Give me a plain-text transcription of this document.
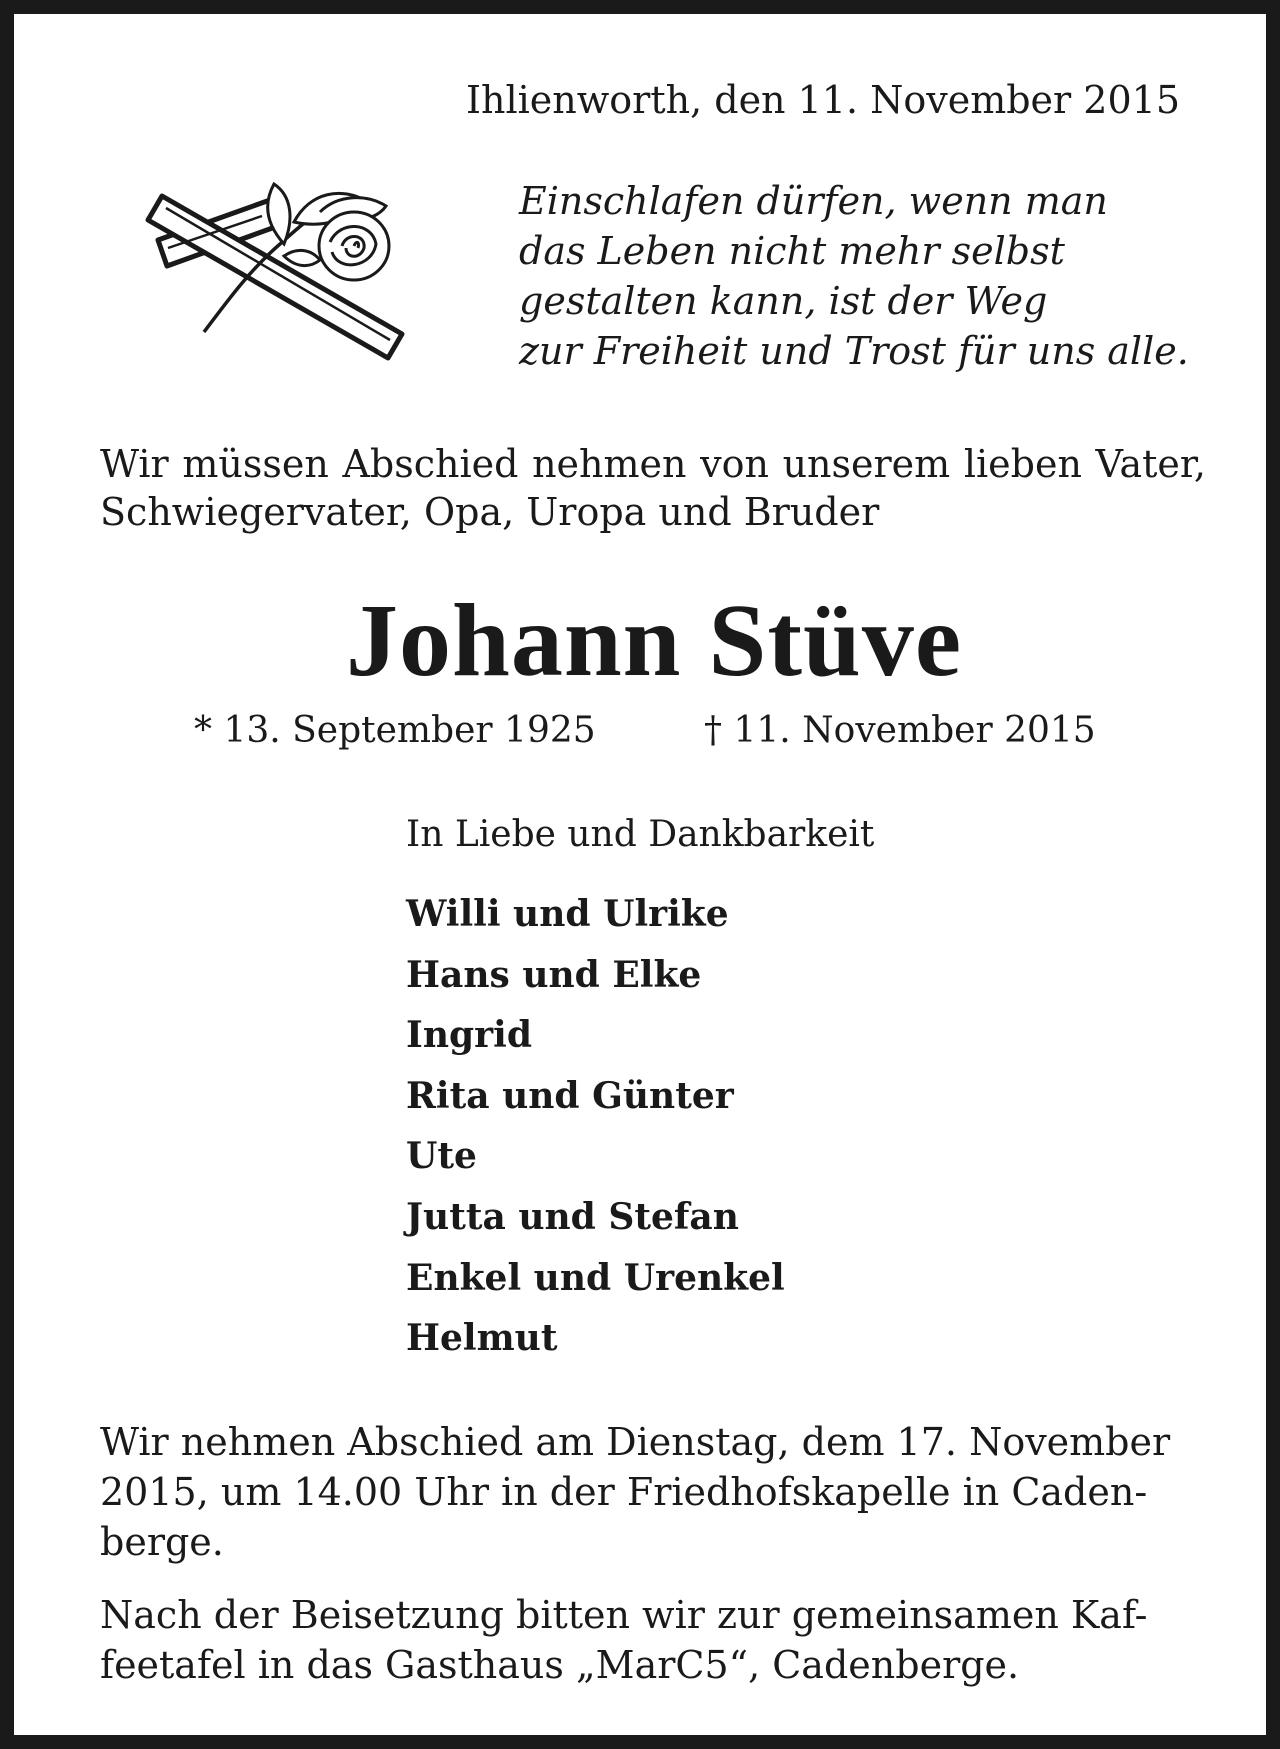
Ihlienworth, den 11. November 2015
Einschlafen dürfen, wenn man
das Leben nicht mehr selbst
gestalten kann, ist der Weg
zur Freiheit und Trost für uns alle.
Wir müssen Abschied nehmen von unserem lieben Vater, Schwiegervater, Opa, Uropa und Bruder
Johann Stüve
* 13. September 1925	† 11. November 2015
In Liebe und Dankbarkeit
Willi und Ulrike
Hans und Elke
Ingrid
Rita und Günter
Ute
Jutta und Stefan
Enkel und Urenkel
Helmut
Wir nehmen Abschied am Dienstag, dem 17. November
2015, um 14.00 Uhr in der Friedhofskapelle in Caden-
berge.
Nach der Beisetzung bitten wir zur gemeinsamen Kaf-
feetafel in das Gasthaus „MarC5“, Cadenberge.
